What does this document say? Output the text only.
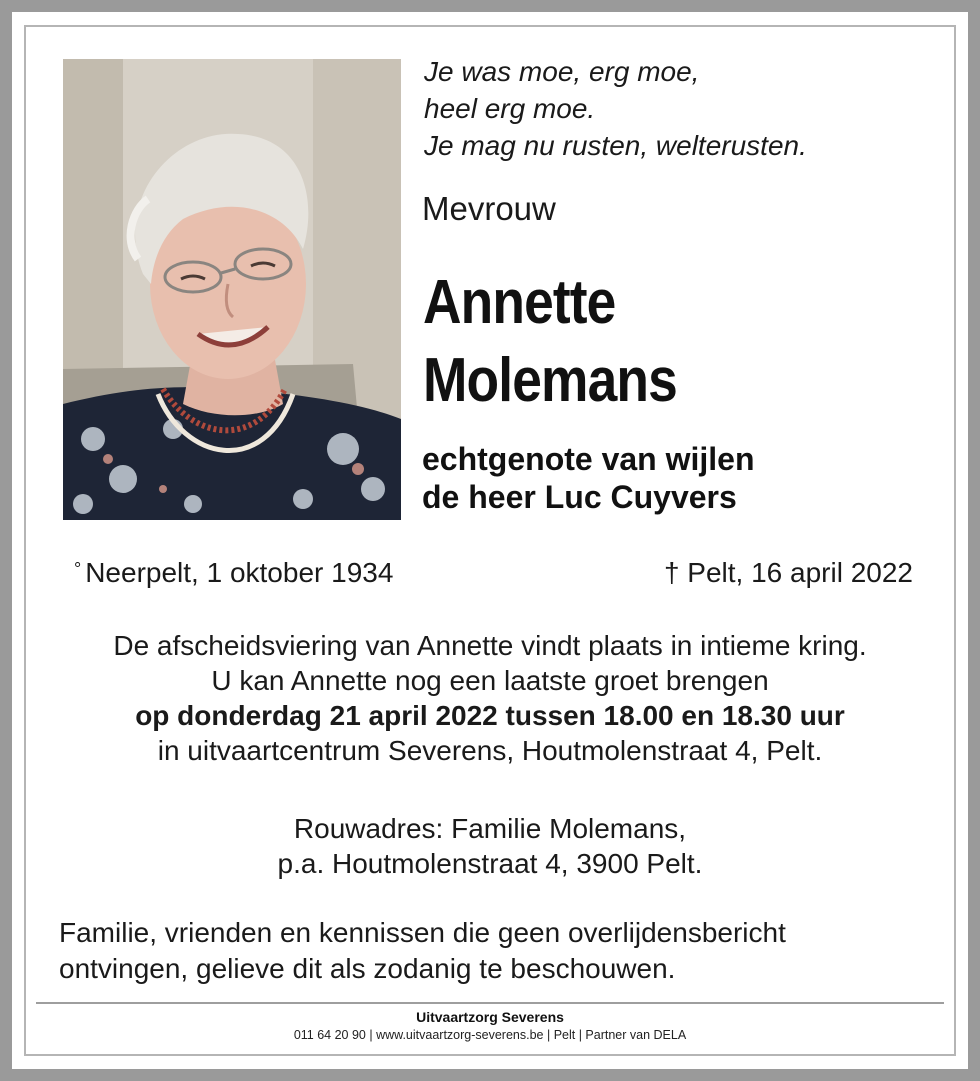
Je was moe, erg moe,
heel erg moe.
Je mag nu rusten, welterusten.
Mevrouw
Annette
Molemans
echtgenote van wijlen
de heer Luc Cuyvers
° Neerpelt, 1 oktober 1934	† Pelt, 16 april 2022
De afscheidsviering van Annette vindt plaats in intieme kring.
U kan Annette nog een laatste groet brengen
op donderdag 21 april 2022 tussen 18.00 en 18.30 uur
in uitvaartcentrum Severens, Houtmolenstraat 4, Pelt.
Rouwadres: Familie Molemans,
p.a. Houtmolenstraat 4, 3900 Pelt.
Familie, vrienden en kennissen die geen overlijdensbericht
ontvingen, gelieve dit als zodanig te beschouwen.
Uitvaartzorg Severens
011 64 20 90 | www.uitvaartzorg-severens.be | Pelt | Partner van DELA
